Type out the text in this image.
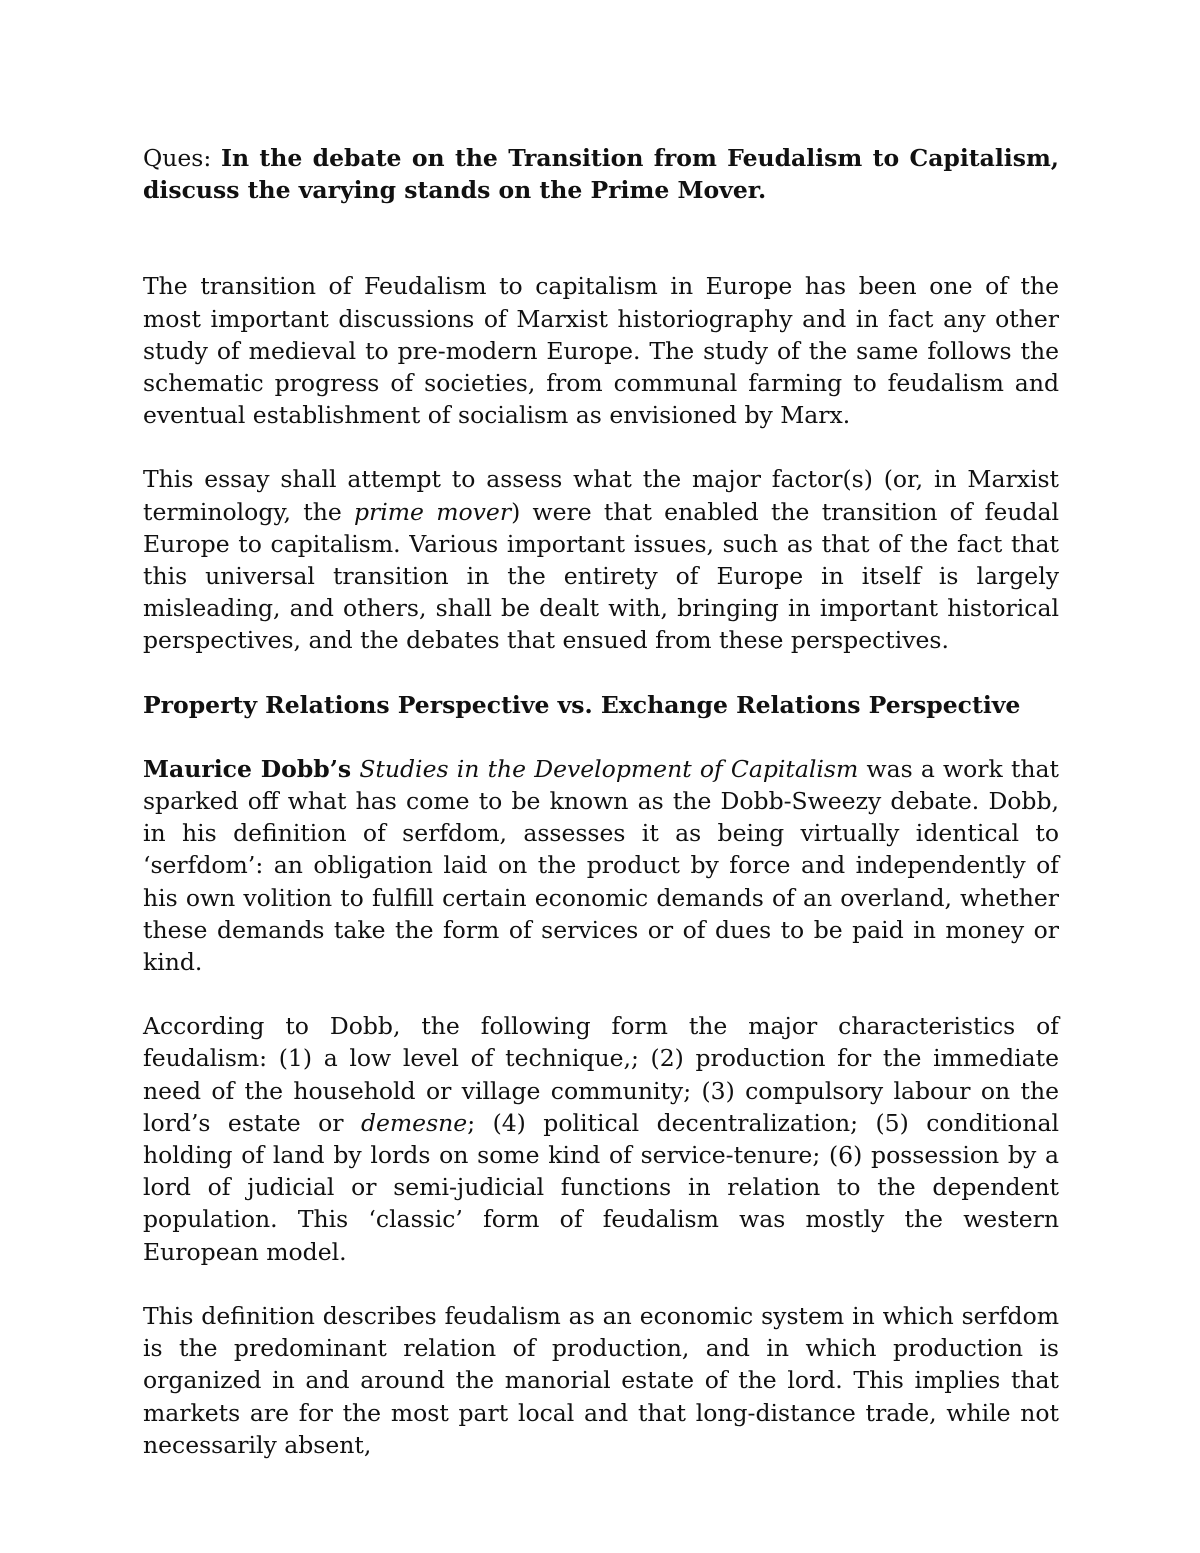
Ques: In the debate on the Transition from Feudalism to Capitalism, discuss the varying stands on the Prime Mover.

The transition of Feudalism to capitalism in Europe has been one of the most important discussions of Marxist historiography and in fact any other study of medieval to pre-modern Europe. The study of the same follows the schematic progress of societies, from communal farming to feudalism and eventual establishment of socialism as envisioned by Marx.

This essay shall attempt to assess what the major factor(s) (or, in Marxist terminology, the prime mover) were that enabled the transition of feudal Europe to capitalism. Various important issues, such as that of the fact that this universal transition in the entirety of Europe in itself is largely misleading, and others, shall be dealt with, bringing in important historical perspectives, and the debates that ensued from these perspectives.

Property Relations Perspective vs. Exchange Relations Perspective

Maurice Dobb’s Studies in the Development of Capitalism was a work that sparked off what has come to be known as the Dobb-Sweezy debate. Dobb, in his definition of serfdom, assesses it as being virtually identical to ‘serfdom’: an obligation laid on the product by force and independently of his own volition to fulfill certain economic demands of an overland, whether these demands take the form of services or of dues to be paid in money or kind.

According to Dobb, the following form the major characteristics of feudalism: (1) a low level of technique,; (2) production for the immediate need of the household or village community; (3) compulsory labour on the lord’s estate or demesne; (4) political decentralization; (5) conditional holding of land by lords on some kind of service-tenure; (6) possession by a lord of judicial or semi-judicial functions in relation to the dependent population. This ‘classic’ form of feudalism was mostly the western European model.

This definition describes feudalism as an economic system in which serfdom is the predominant relation of production, and in which production is organized in and around the manorial estate of the lord. This implies that markets are for the most part local and that long-distance trade, while not necessarily absent,
